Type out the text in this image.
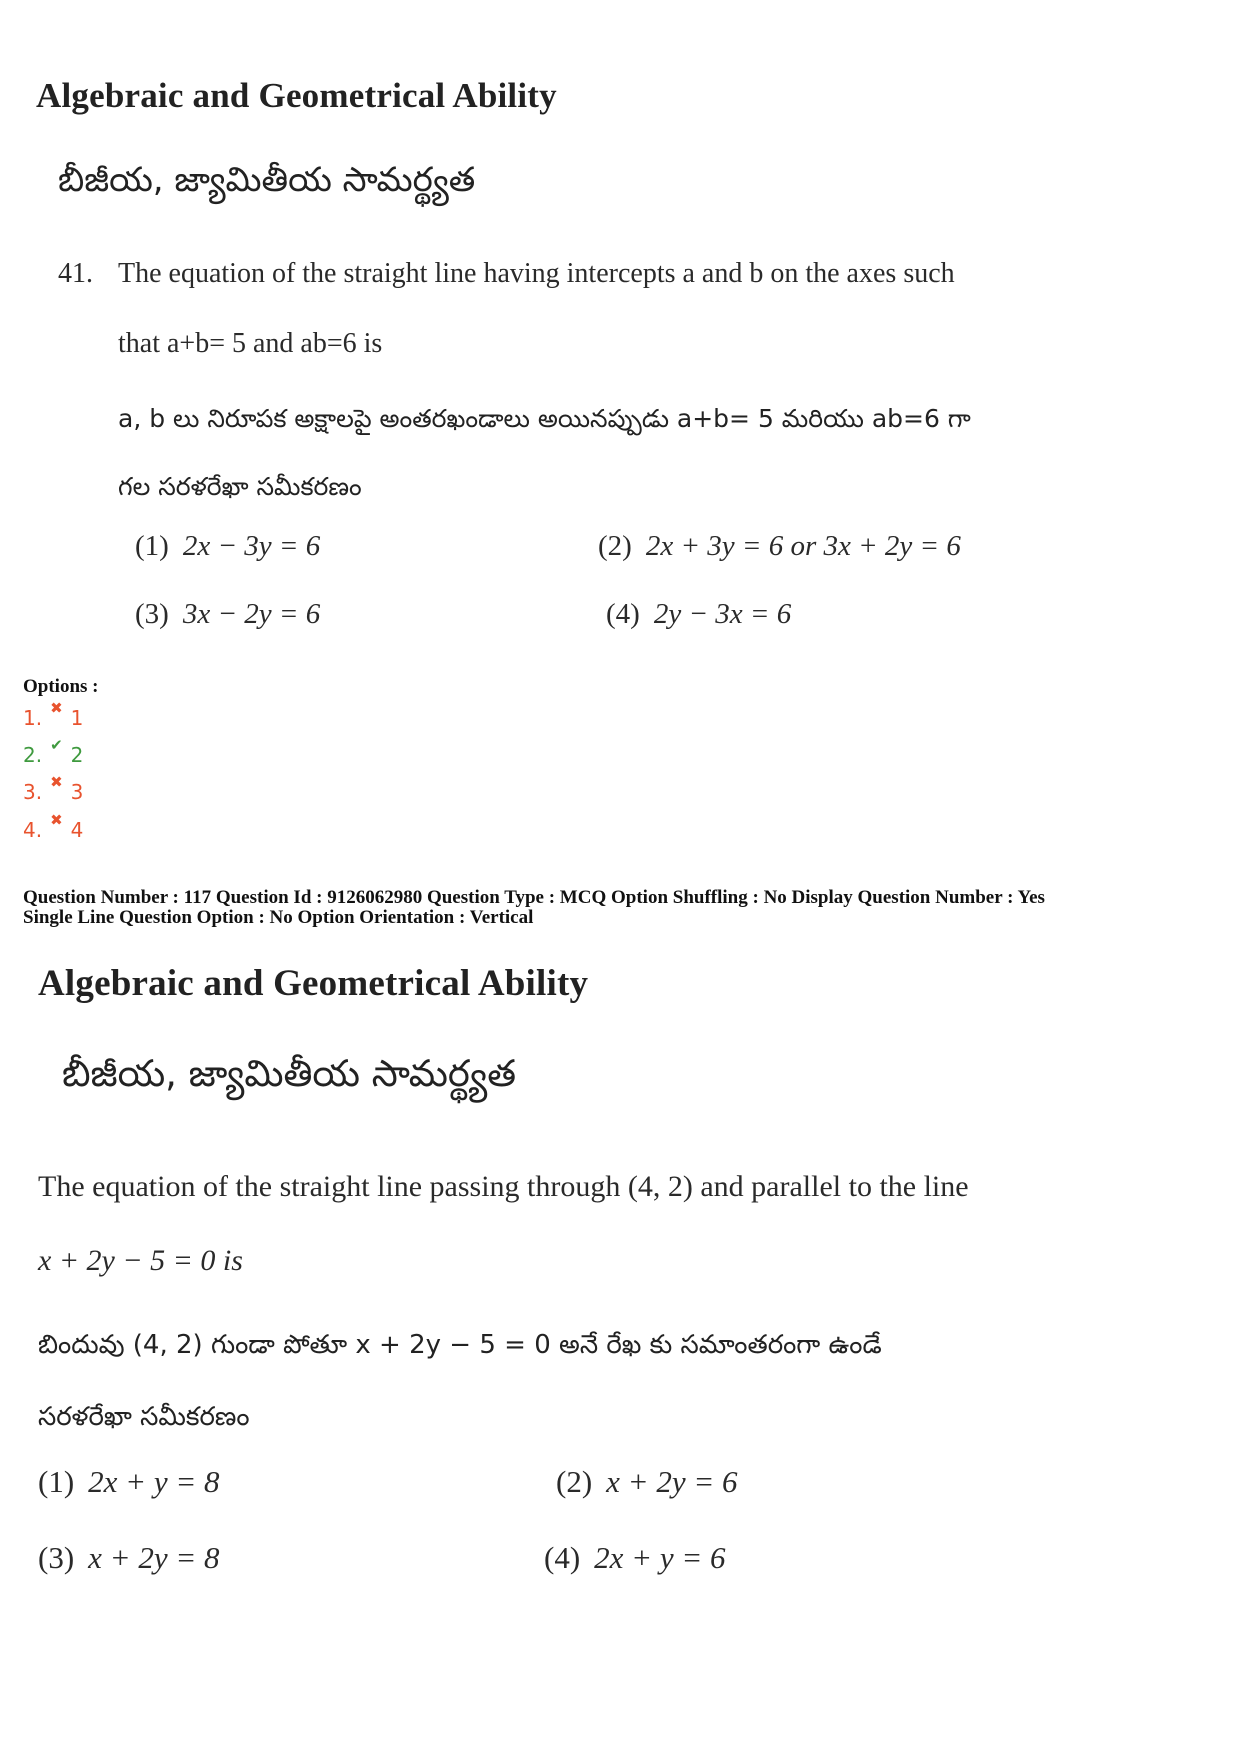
Algebraic and Geometrical Ability
బీజీయ, జ్యామితీయ సామర్థ్యత
41. The equation of the straight line having intercepts a and b on the axes such
that a+b= 5 and ab=6 is
a, b లు నిరూపక అక్షాలపై అంతరఖండాలు అయినప్పుడు a+b= 5 మరియు ab=6 గా
గల సరళరేఖా సమీకరణం
(1) 2x − 3y = 6	(2) 2x + 3y = 6 or 3x + 2y = 6
(3) 3x − 2y = 6	(4) 2y − 3x = 6
Options :
1. ✖ 1
2. ✔ 2
3. ✖ 3
4. ✖ 4
Question Number : 117 Question Id : 9126062980 Question Type : MCQ Option Shuffling : No Display Question Number : Yes
Single Line Question Option : No Option Orientation : Vertical
Algebraic and Geometrical Ability
బీజీయ, జ్యామితీయ సామర్థ్యత
The equation of the straight line passing through (4, 2) and parallel to the line
x + 2y − 5 = 0 is
బిందువు (4, 2) గుండా పోతూ x + 2y − 5 = 0 అనే రేఖ కు సమాంతరంగా ఉండే
సరళరేఖా సమీకరణం
(1) 2x + y = 8	(2) x + 2y = 6
(3) x + 2y = 8	(4) 2x + y = 6
